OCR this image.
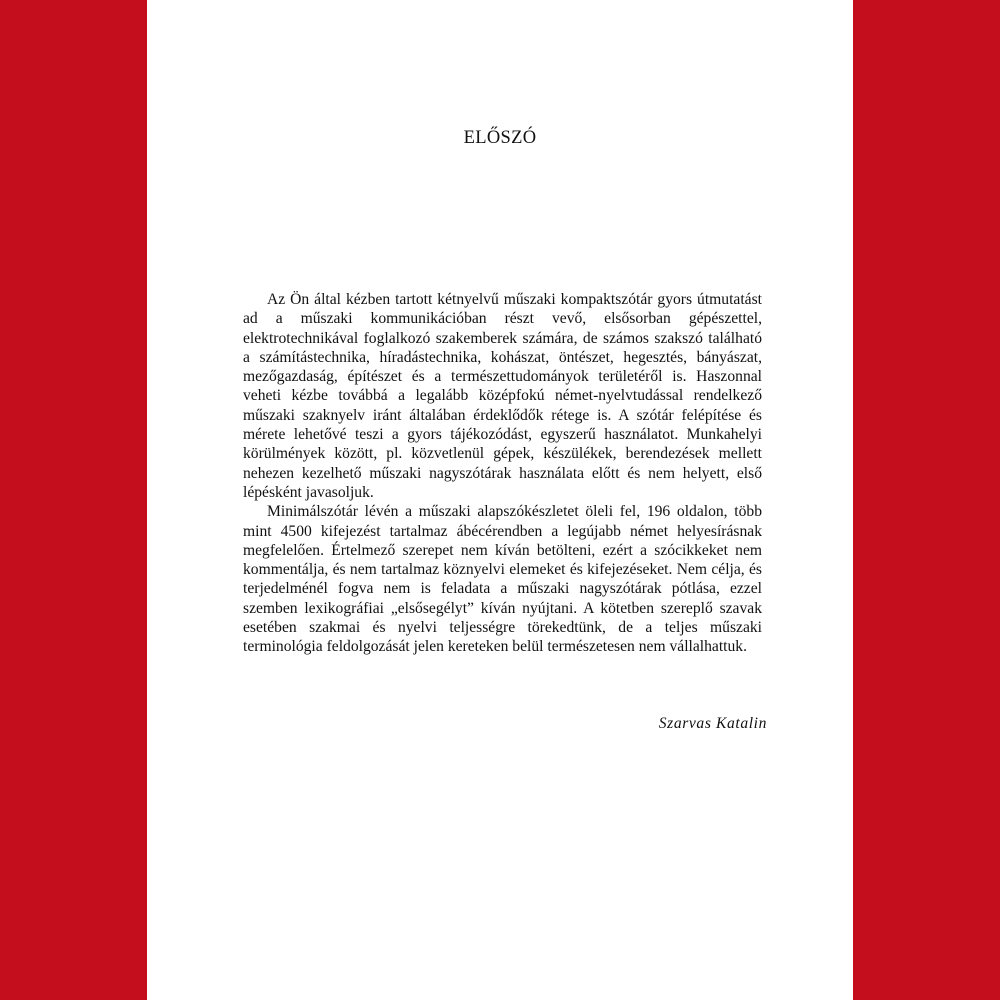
ELŐSZÓ

Az Ön által kézben tartott kétnyelvű műszaki kompaktszótár gyors útmutatást ad a műszaki kommunikációban részt vevő, elsősorban gépészettel, elektrotechnikával foglalkozó szakemberek számára, de számos szakszó található a számítástechnika, híradástechnika, kohászat, öntészet, hegesztés, bányászat, mezőgazdaság, építészet és a természettudományok területéről is. Haszonnal veheti kézbe továbbá a legalább középfokú német-nyelvtudással rendelkező műszaki szaknyelv iránt általában érdeklődők rétege is. A szótár felépítése és mérete lehetővé teszi a gyors tájékozódást, egyszerű használatot. Munkahelyi körülmények között, pl. közvetlenül gépek, készülékek, berendezések mellett nehezen kezelhető műszaki nagyszótárak használata előtt és nem helyett, első lépésként javasoljuk.

Minimálszótár lévén a műszaki alapszókészletet öleli fel, 196 oldalon, több mint 4500 kifejezést tartalmaz ábécérendben a legújabb német helyesírásnak megfelelően. Értelmező szerepet nem kíván betölteni, ezért a szócikkeket nem kommentálja, és nem tartalmaz köznyelvi elemeket és kifejezéseket. Nem célja, és terjedelménél fogva nem is feladata a műszaki nagyszótárak pótlása, ezzel szemben lexikográfiai „elsősegélyt” kíván nyújtani. A kötetben szereplő szavak esetében szakmai és nyelvi teljességre törekedtünk, de a teljes műszaki terminológia feldolgozását jelen kereteken belül természetesen nem vállalhattuk.

Szarvas Katalin
